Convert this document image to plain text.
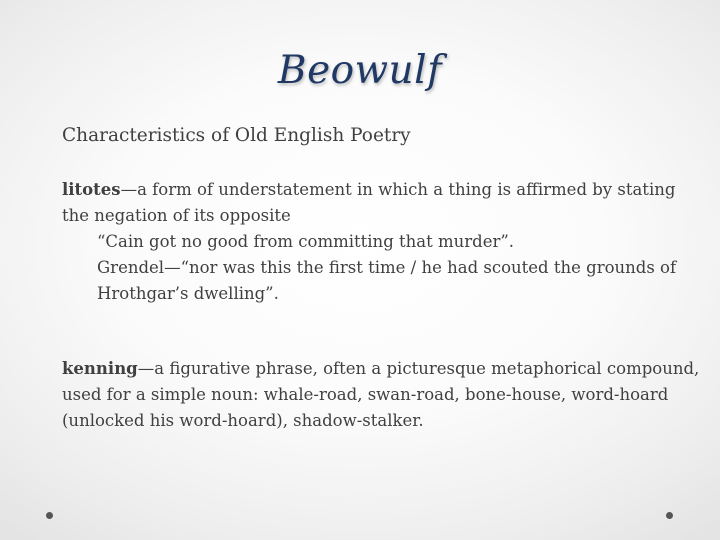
Beowulf
Characteristics of Old English Poetry
litotes—a form of understatement in which a thing is affirmed by stating the negation of its opposite
“Cain got no good from committing that murder”.
Grendel—“nor was this the first time / he had scouted the grounds of Hrothgar’s dwelling”.
kenning—a figurative phrase, often a picturesque metaphorical compound, used for a simple noun: whale-road, swan-road, bone-house, word-hoard (unlocked his word-hoard), shadow-stalker.
